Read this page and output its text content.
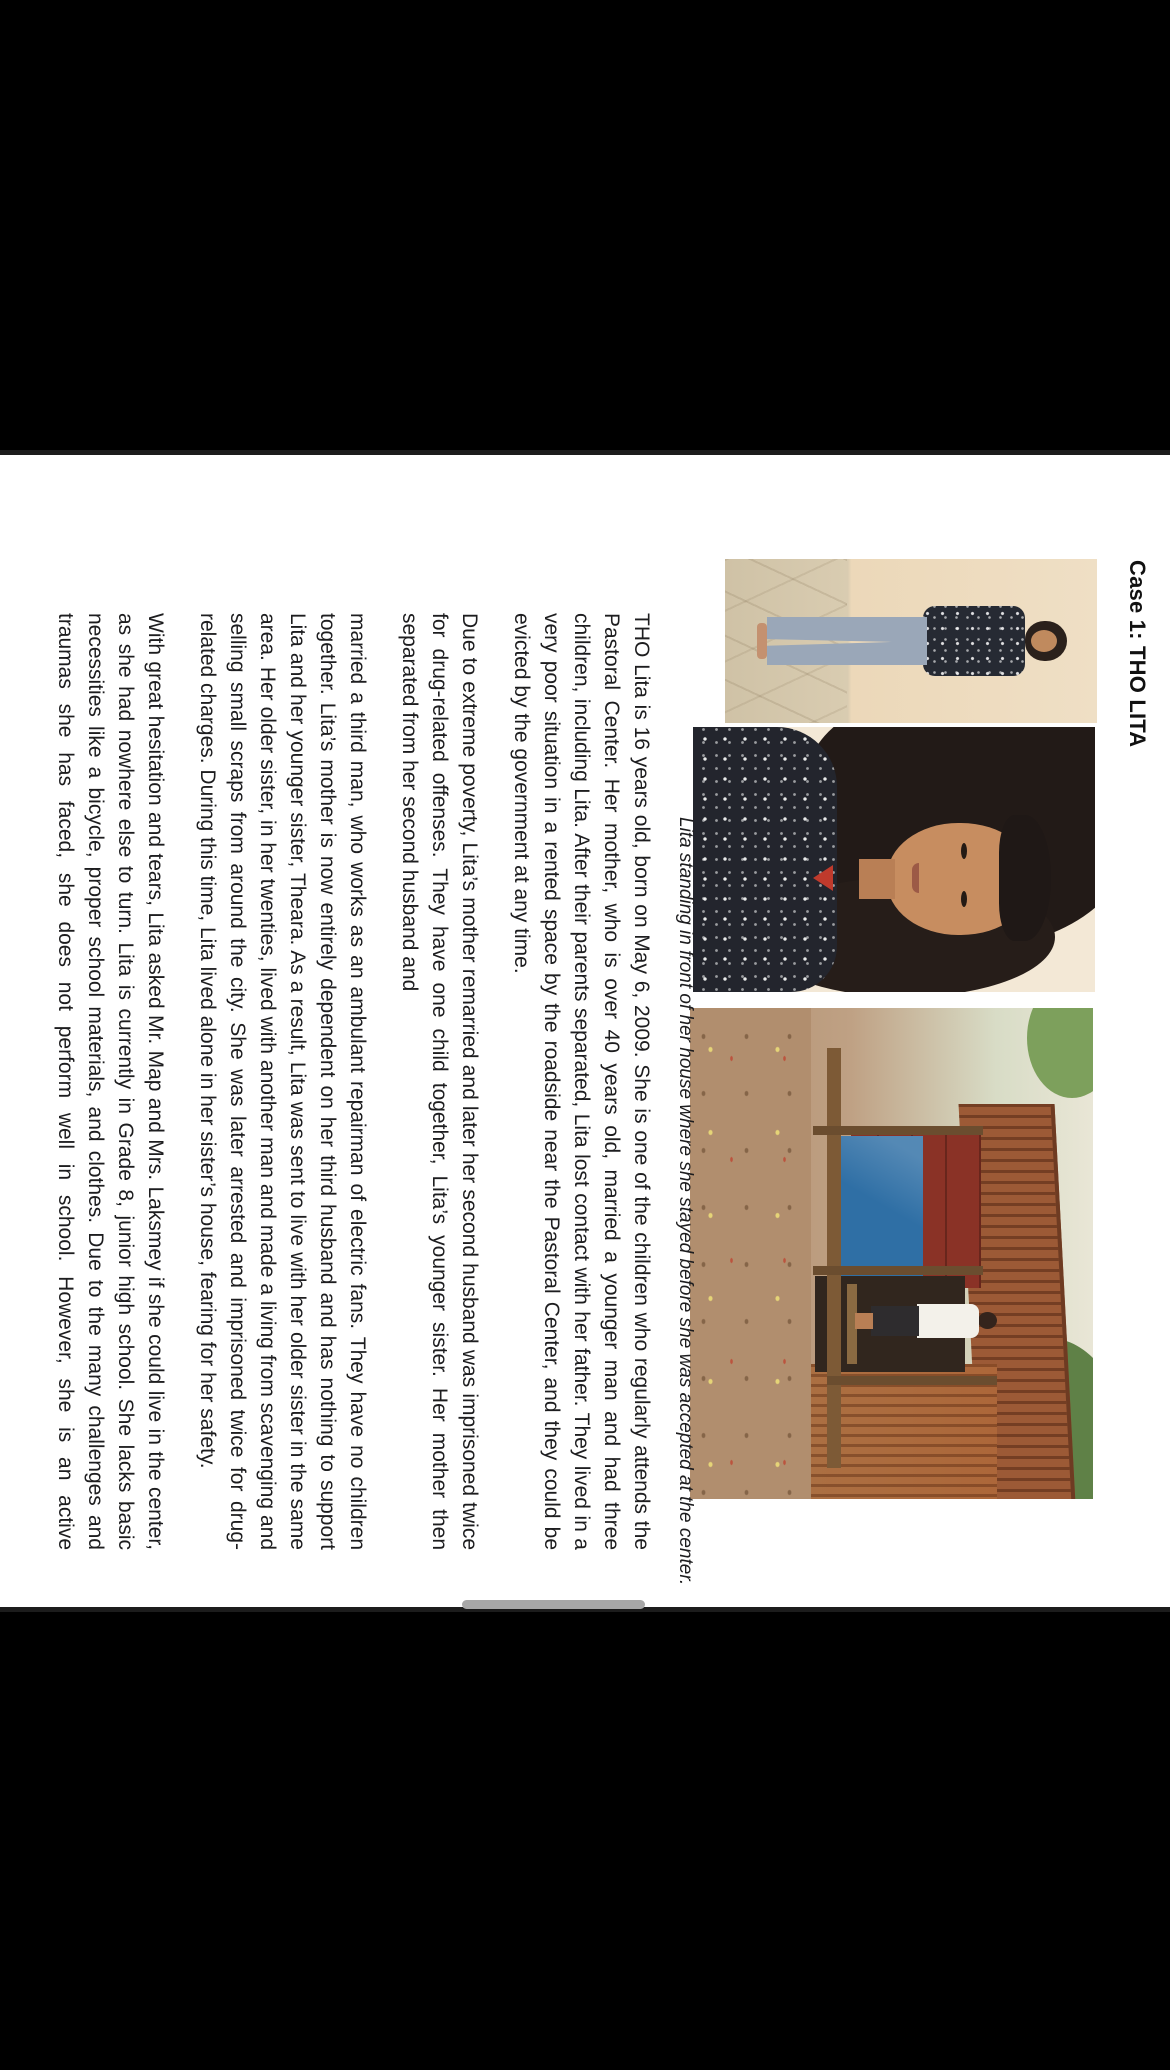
Case 1: THO LITA
Lita standing in front of her house where she stayed before she was accepted at the center.

THO Lita is 16 years old, born on May 6, 2009. She is one of the children who regularly attends the Pastoral Center. Her mother, who is over 40 years old, married a younger man and had three children, including Lita. After their parents separated, Lita lost contact with her father. They lived in a very poor situation in a rented space by the roadside near the Pastoral Center, and they could be evicted by the government at any time.

Due to extreme poverty, Lita’s mother remarried and later her second husband was imprisoned twice for drug-related offenses. They have one child together, Lita’s younger sister. Her mother then separated from her second husband and

married a third man, who works as an ambulant repairman of electric fans. They have no children together. Lita’s mother is now entirely dependent on her third husband and has nothing to support Lita and her younger sister, Theara. As a result, Lita was sent to live with her older sister in the same area. Her older sister, in her twenties, lived with another man and made a living from scavenging and selling small scraps from around the city. She was later arrested and imprisoned twice for drug-related charges. During this time, Lita lived alone in her sister’s house, fearing for her safety.

With great hesitation and tears, Lita asked Mr. Map and Mrs. Laksmey if she could live in the center, as she had nowhere else to turn. Lita is currently in Grade 8, junior high school. She lacks basic necessities like a bicycle, proper school materials, and clothes. Due to the many challenges and traumas she has faced, she does not perform well in school. However, she is an active
